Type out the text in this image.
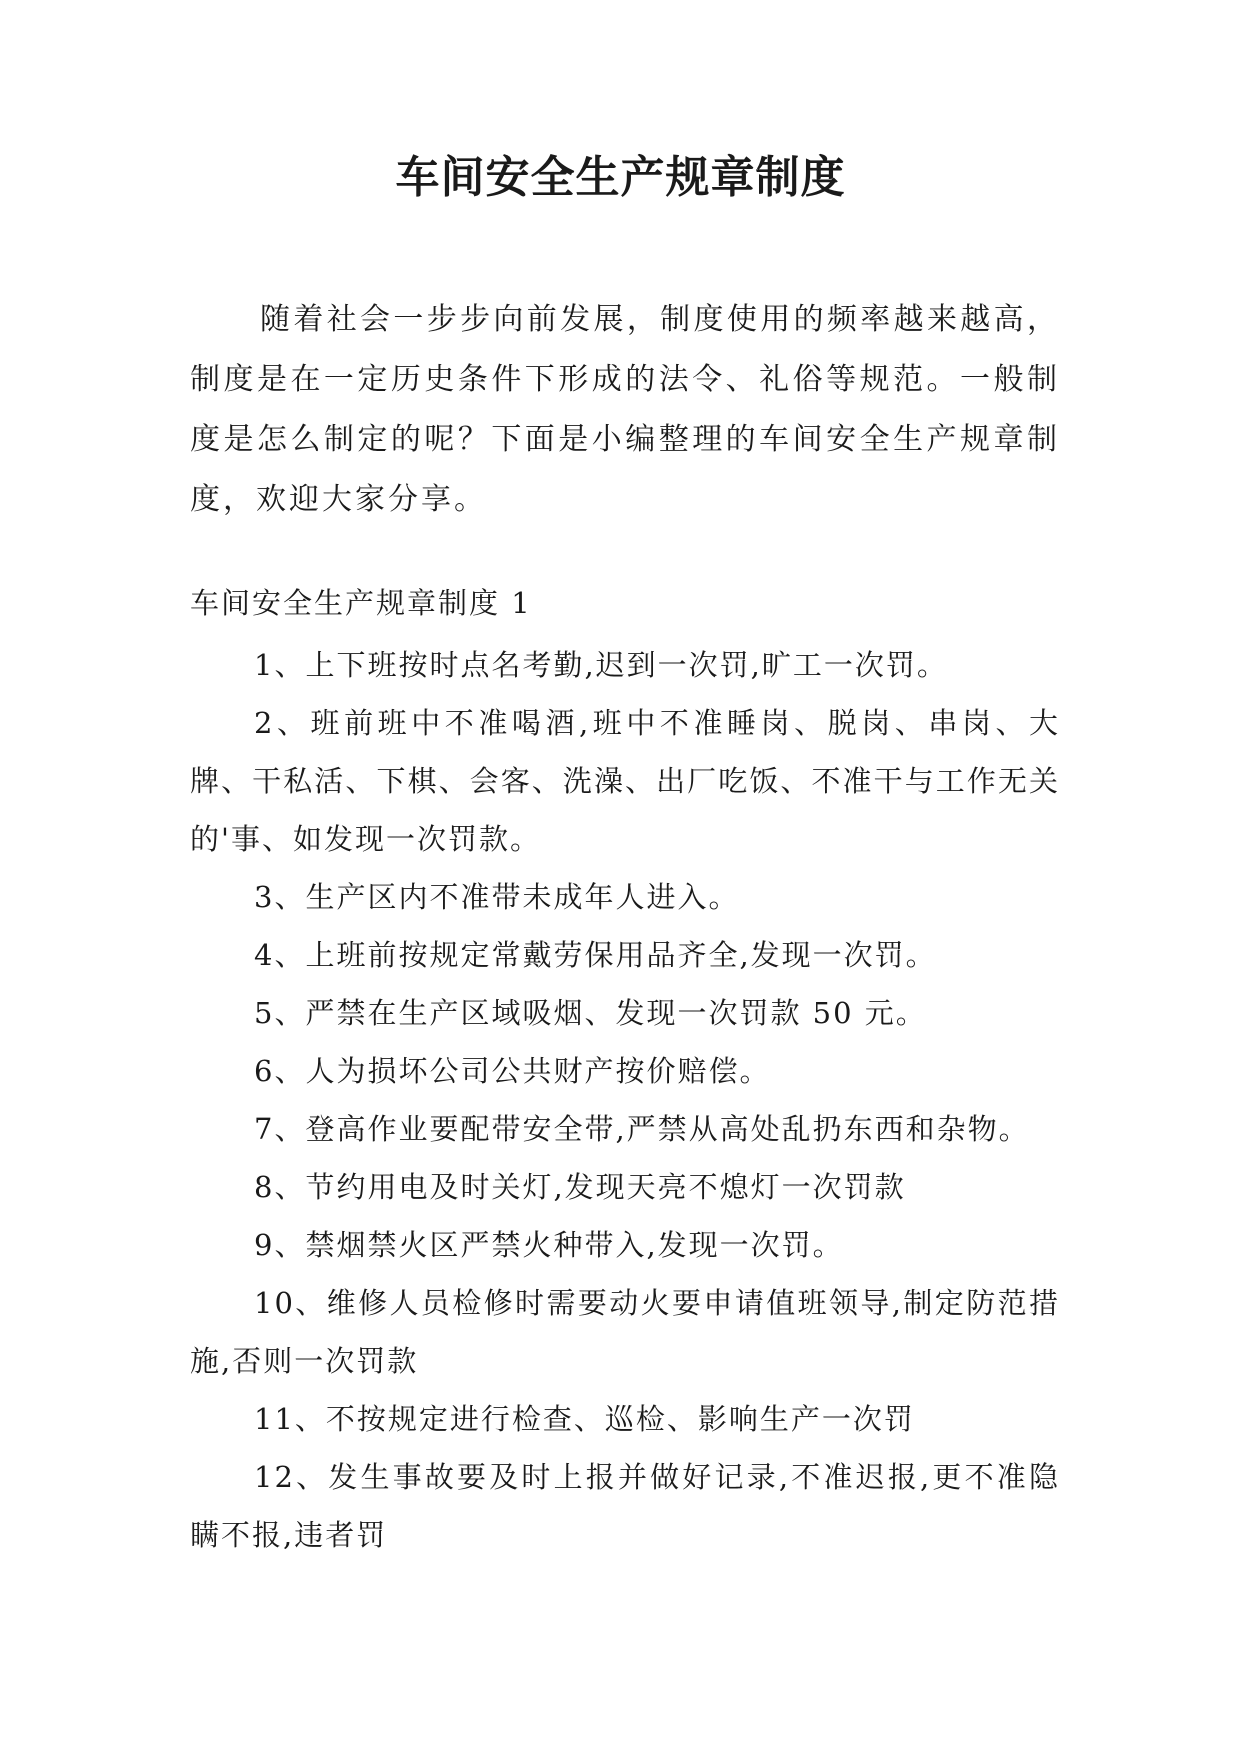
车间安全生产规章制度

随着社会一步步向前发展，制度使用的频率越来越高，制度是在一定历史条件下形成的法令、礼俗等规范。一般制度是怎么制定的呢？下面是小编整理的车间安全生产规章制度，欢迎大家分享。

车间安全生产规章制度 1

1、上下班按时点名考勤,迟到一次罚,旷工一次罚。
2、班前班中不准喝酒,班中不准睡岗、脱岗、串岗、大牌、干私活、下棋、会客、洗澡、出厂吃饭、不准干与工作无关的'事、如发现一次罚款。
3、生产区内不准带未成年人进入。
4、上班前按规定常戴劳保用品齐全,发现一次罚。
5、严禁在生产区域吸烟、发现一次罚款 50 元。
6、人为损坏公司公共财产按价赔偿。
7、登高作业要配带安全带,严禁从高处乱扔东西和杂物。
8、节约用电及时关灯,发现天亮不熄灯一次罚款
9、禁烟禁火区严禁火种带入,发现一次罚。
10、维修人员检修时需要动火要申请值班领导,制定防范措施,否则一次罚款
11、不按规定进行检查、巡检、影响生产一次罚
12、发生事故要及时上报并做好记录,不准迟报,更不准隐瞒不报,违者罚
